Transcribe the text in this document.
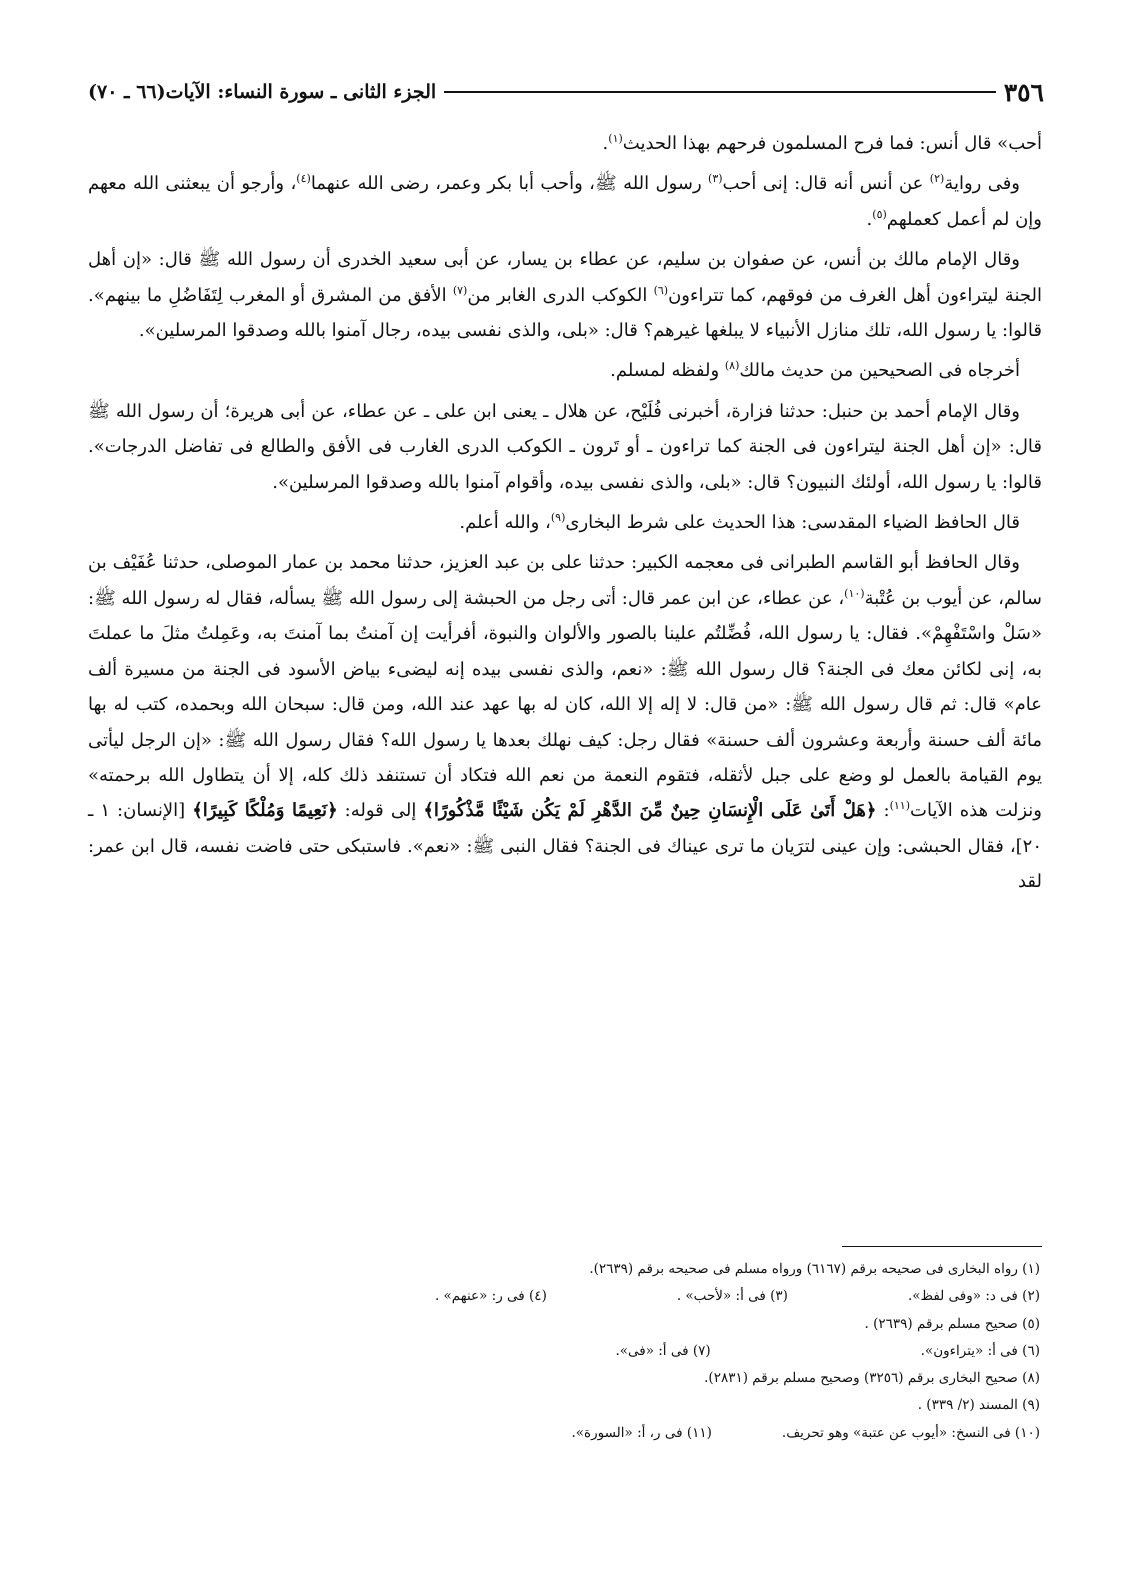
٣٥٦
الجزء الثانى ـ سورة النساء: الآيات(٦٦ ـ ٧٠)

أحب» قال أنس: فما فرح المسلمون فرحهم بهذا الحديث$^{(١)}$.

وفى رواية$^{(٢)}$ عن أنس أنه قال: إنى أحب$^{(٣)}$ رسول الله ﷺ، وأحب أبا بكر وعمر، رضى الله عنهما$^{(٤)}$، وأرجو أن يبعثنى الله معهم وإن لم أعمل كعملهم$^{(٥)}$.

وقال الإمام مالك بن أنس، عن صفوان بن سليم، عن عطاء بن يسار، عن أبى سعيد الخدرى أن رسول الله ﷺ قال: «إن أهل الجنة ليتراءون أهل الغرف من فوقهم، كما تتراءون$^{(٦)}$ الكوكب الدرى الغابر من$^{(٧)}$ الأفق من المشرق أو المغرب لِتَفَاضُلِ ما بينهم». قالوا: يا رسول الله، تلك منازل الأنبياء لا يبلغها غيرهم؟ قال: «بلى، والذى نفسى بيده، رجال آمنوا بالله وصدقوا المرسلين».

أخرجاه فى الصحيحين من حديث مالك$^{(٨)}$ ولفظه لمسلم.

وقال الإمام أحمد بن حنبل: حدثنا فزارة، أخبرنى فُلَيْح، عن هلال ـ يعنى ابن على ـ عن عطاء، عن أبى هريرة؛ أن رسول الله ﷺ قال: «إن أهل الجنة ليتراءون فى الجنة كما تراءون ـ أو تَرون ـ الكوكب الدرى الغارب فى الأفق والطالع فى تفاضل الدرجات». قالوا: يا رسول الله، أولئك النبيون؟ قال: «بلى، والذى نفسى بيده، وأقوام آمنوا بالله وصدقوا المرسلين».

قال الحافظ الضياء المقدسى: هذا الحديث على شرط البخارى$^{(٩)}$، والله أعلم.

وقال الحافظ أبو القاسم الطبرانى فى معجمه الكبير: حدثنا على بن عبد العزيز، حدثنا محمد بن عمار الموصلى، حدثنا عُفَيْف بن سالم، عن أيوب بن عُتْبة$^{(١٠)}$، عن عطاء، عن ابن عمر قال: أتى رجل من الحبشة إلى رسول الله ﷺ يسأله، فقال له رسول الله ﷺ: «سَلْ واسْتَفْهِمْ». فقال: يا رسول الله، فُضِّلتُم علينا بالصور والألوان والنبوة، أفرأيت إن آمنتُ بما آمنتَ به، وعَمِلتُ مثلَ ما عملتَ به، إنى لكائن معك فى الجنة؟ قال رسول الله ﷺ: «نعم، والذى نفسى بيده إنه ليضىء بياض الأسود فى الجنة من مسيرة ألف عام» قال: ثم قال رسول الله ﷺ: «من قال: لا إله إلا الله، كان له بها عهد عند الله، ومن قال: سبحان الله وبحمده، كتب له بها مائة ألف حسنة وأربعة وعشرون ألف حسنة» فقال رجل: كيف نهلك بعدها يا رسول الله؟ فقال رسول الله ﷺ: «إن الرجل ليأتى يوم القيامة بالعمل لو وضع على جبل لأثقله، فتقوم النعمة من نعم الله فتكاد أن تستنفد ذلك كله، إلا أن يتطاول الله برحمته» ونزلت هذه الآيات$^{(١١)}$: ﴿هَلْ أَتَىٰ عَلَى الْإِنسَانِ حِينٌ مِّنَ الدَّهْرِ لَمْ يَكُن شَيْئًا مَّذْكُورًا﴾ إلى قوله: ﴿نَعِيمًا وَمُلْكًا كَبِيرًا﴾ [الإنسان: ١ ـ ٢٠]، فقال الحبشى: وإن عينى لترَيان ما ترى عيناك فى الجنة؟ فقال النبى ﷺ: «نعم». فاستبكى حتى فاضت نفسه، قال ابن عمر: لقد

(١) رواه البخارى فى صحيحه برقم (٦١٦٧) ورواه مسلم فى صحيحه برقم (٢٦٣٩).
(٢) فى د: «وفى لفظ».
(٣) فى أ: «لأحب» .
(٤) فى ر: «عنهم» .
(٥) صحيح مسلم برقم (٢٦٣٩) .
(٦) فى أ: «يتراءون».
(٧) فى أ: «فى».
(٨) صحيح البخارى برقم (٣٢٥٦) وصحيح مسلم برقم (٢٨٣١).
(٩) المسند (٢/ ٣٣٩) .
(١٠) فى النسخ: «أيوب عن عتبة» وهو تحريف.
(١١) فى ر، أ: «السورة».
